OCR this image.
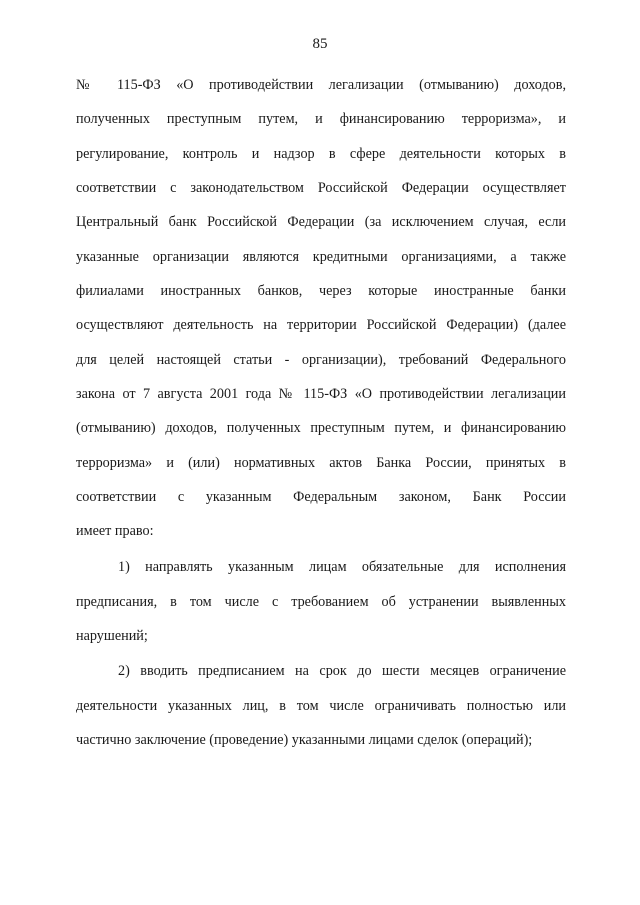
85
№ 115-ФЗ «О противодействии легализации (отмыванию) доходов,
полученных преступным путем, и финансированию терроризма», и
регулирование, контроль и надзор в сфере деятельности которых в
соответствии с законодательством Российской Федерации осуществляет
Центральный банк Российской Федерации (за исключением случая, если
указанные организации являются кредитными организациями, а также
филиалами иностранных банков, через которые иностранные банки
осуществляют деятельность на территории Российской Федерации) (далее
для целей настоящей статьи - организации), требований Федерального
закона от 7 августа 2001 года № 115-ФЗ «О противодействии легализации
(отмыванию) доходов, полученных преступным путем, и финансированию
терроризма» и (или) нормативных актов Банка России, принятых в
соответствии с указанным Федеральным законом, Банк России
имеет право:
1) направлять указанным лицам обязательные для исполнения
предписания, в том числе с требованием об устранении выявленных
нарушений;
2) вводить предписанием на срок до шести месяцев ограничение
деятельности указанных лиц, в том числе ограничивать полностью или
частично заключение (проведение) указанными лицами сделок (операций);
